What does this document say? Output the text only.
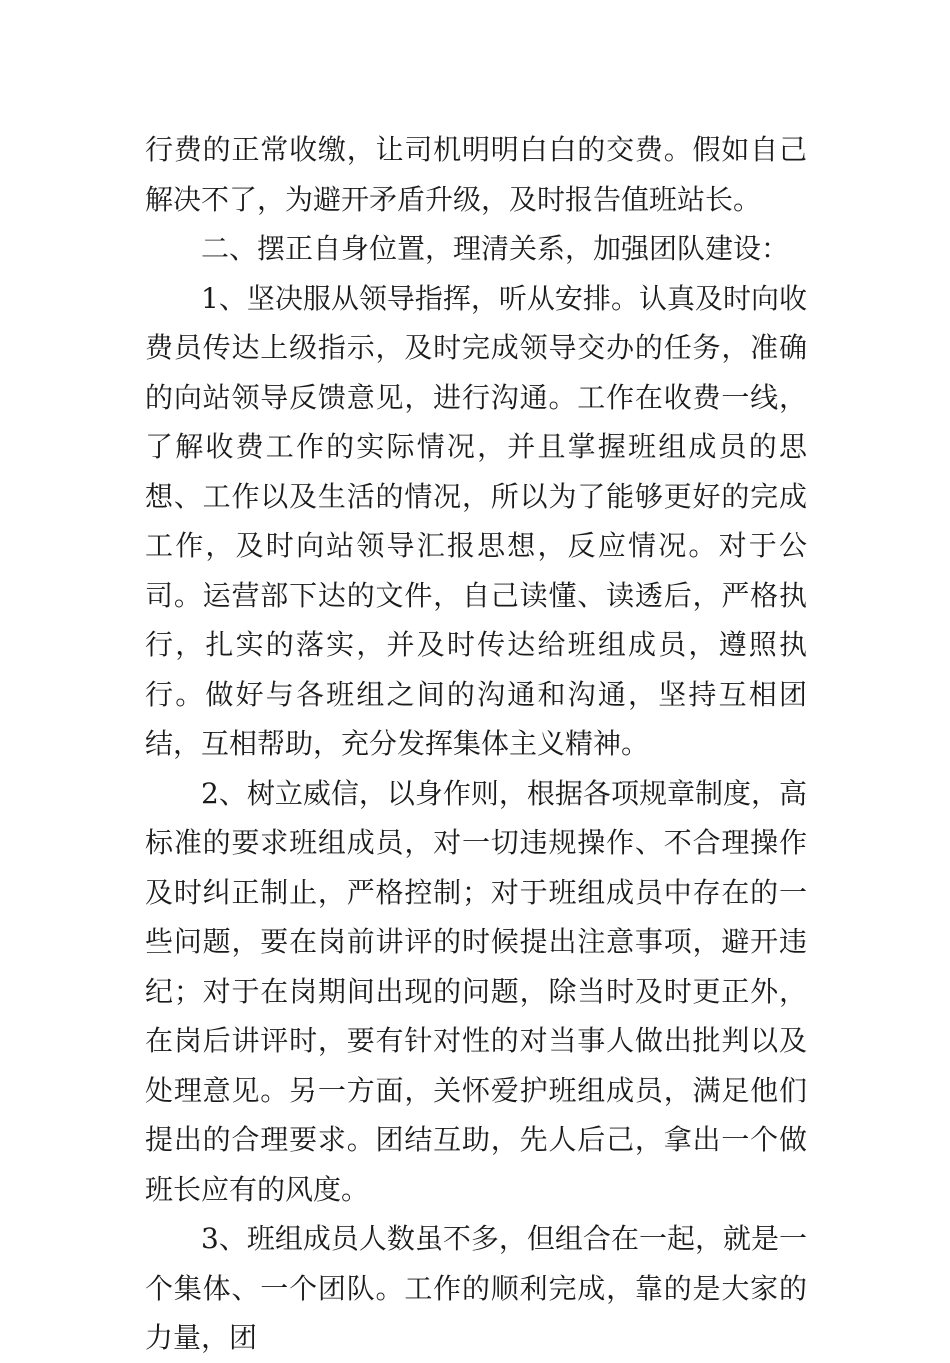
行费的正常收缴，让司机明明白白的交费。假如自己解决不了，为避开矛盾升级，及时报告值班站长。

二、摆正自身位置，理清关系，加强团队建设：

1、坚决服从领导指挥，听从安排。认真及时向收费员传达上级指示，及时完成领导交办的任务，准确的向站领导反馈意见，进行沟通。工作在收费一线，了解收费工作的实际情况，并且掌握班组成员的思想、工作以及生活的情况，所以为了能够更好的完成工作，及时向站领导汇报思想，反应情况。对于公司。运营部下达的文件，自己读懂、读透后，严格执行，扎实的落实，并及时传达给班组成员，遵照执行。做好与各班组之间的沟通和沟通，坚持互相团结，互相帮助，充分发挥集体主义精神。

2、树立威信，以身作则，根据各项规章制度，高标准的要求班组成员，对一切违规操作、不合理操作及时纠正制止，严格控制；对于班组成员中存在的一些问题，要在岗前讲评的时候提出注意事项，避开违纪；对于在岗期间出现的问题，除当时及时更正外，在岗后讲评时，要有针对性的对当事人做出批判以及处理意见。另一方面，关怀爱护班组成员，满足他们提出的合理要求。团结互助，先人后己，拿出一个做班长应有的风度。

3、班组成员人数虽不多，但组合在一起，就是一个集体、一个团队。工作的顺利完成，靠的是大家的力量，团
